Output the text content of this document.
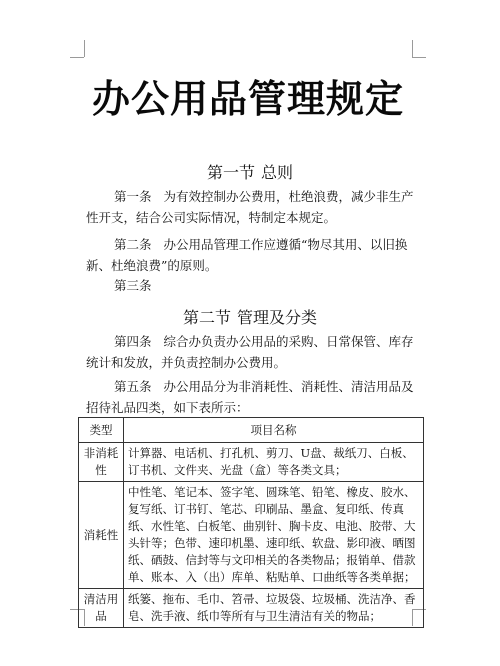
办公用品管理规定
第一节 总则

第一条 为有效控制办公费用，杜绝浪费，减少非生产性开支，结合公司实际情况，特制定本规定。

第二条 办公用品管理工作应遵循“物尽其用、以旧换新、杜绝浪费”的原则。

第三条

第二节 管理及分类

第四条 综合办负责办公用品的采购、日常保管、库存统计和发放，并负责控制办公费用。

第五条 办公用品分为非消耗性、消耗性、清洁用品及招待礼品四类，如下表所示：

类型	项目名称
非消耗性	计算器、电话机、打孔机、剪刀、U盘、裁纸刀、白板、订书机、文件夹、光盘（盒）等各类文具；
消耗性	中性笔、笔记本、签字笔、圆珠笔、铅笔、橡皮、胶水、复写纸、订书钉、笔芯、印刷品、墨盒、复印纸、传真纸、水性笔、白板笔、曲别针、胸卡皮、电池、胶带、大头针等；色带、速印机墨、速印纸、软盘、影印液、晒图纸、硒鼓、信封等与文印相关的各类物品；报销单、借款单、账本、入（出）库单、粘贴单、口曲纸等各类单据；
清洁用品	纸篓、拖布、毛巾、笤帚、垃圾袋、垃圾桶、洗洁净、香皂、洗手液、纸巾等所有与卫生清洁有关的物品；
